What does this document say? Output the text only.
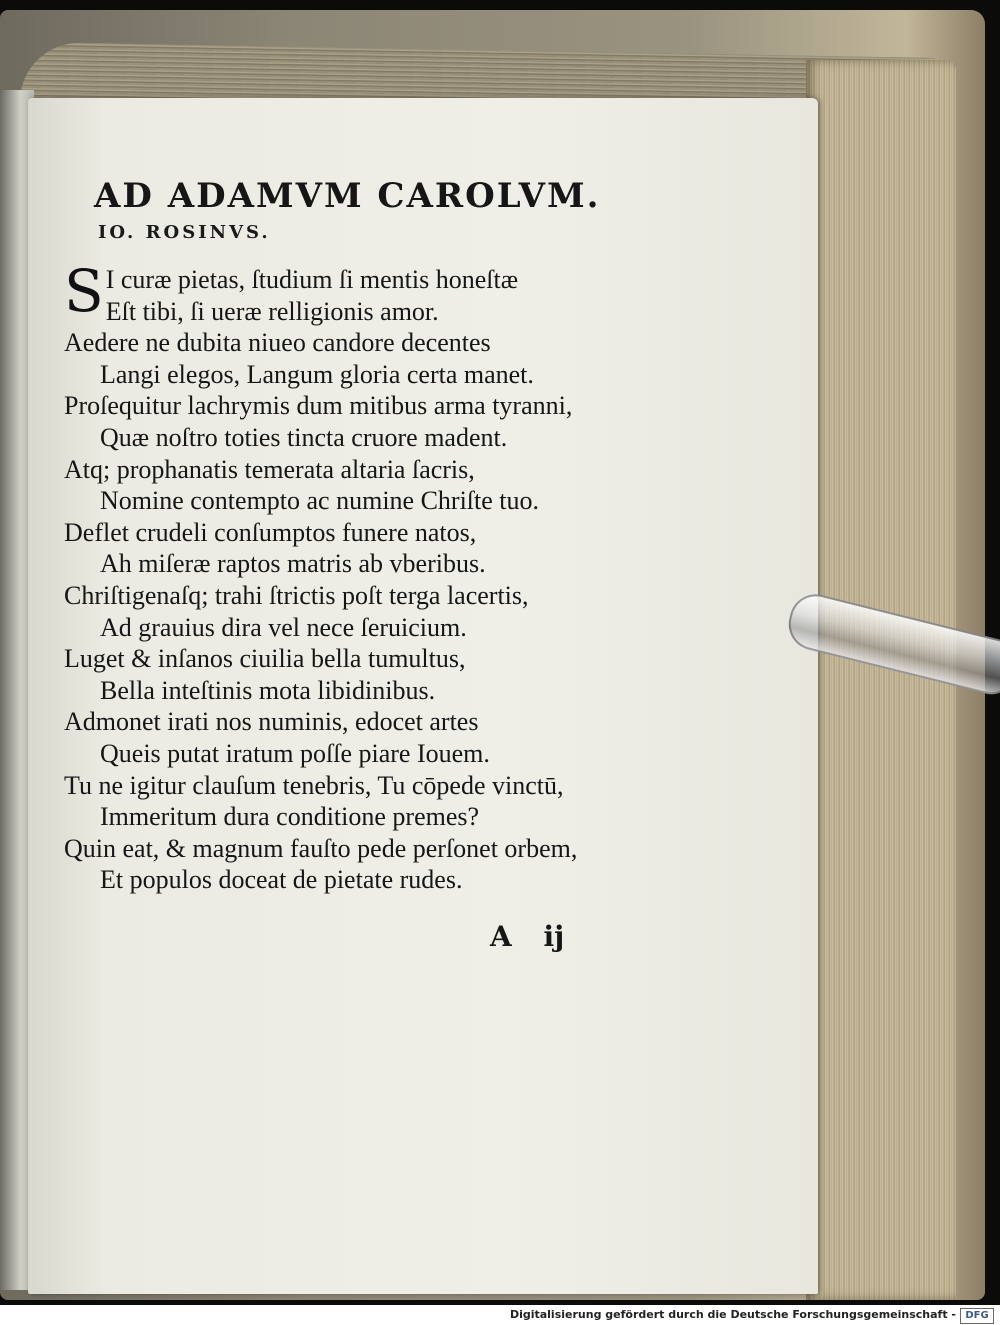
AD ADAMVM CAROLVM.
IO. ROSINVS.
S I curæ pietas, ſtudium ſi mentis honeſtæ
Eſt tibi, ſi ueræ relligionis amor.
Aedere ne dubita niueo candore decentes
Langi elegos, Langum gloria certa manet.
Proſequitur lachrymis dum mitibus arma tyranni,
Quæ noſtro toties tincta cruore madent.
Atq; prophanatis temerata altaria ſacris,
Nomine contempto ac numine Chriſte tuo.
Deflet crudeli conſumptos funere natos,
Ah miſeræ raptos matris ab vberibus.
Chriſtigenaſq; trahi ſtrictis poſt terga lacertis,
Ad grauius dira vel nece ſeruicium.
Luget & inſanos ciuilia bella tumultus,
Bella inteſtinis mota libidinibus.
Admonet irati nos numinis, edocet artes
Queis putat iratum poſſe piare Iouem.
Tu ne igitur clauſum tenebris, Tu cōpede vinctū,
Immeritum dura conditione premes?
Quin eat, & magnum fauſto pede perſonet orbem,
Et populos doceat de pietate rudes.
A ij
Digitalisierung gefördert durch die Deutsche Forschungsgemeinschaft - DFG
